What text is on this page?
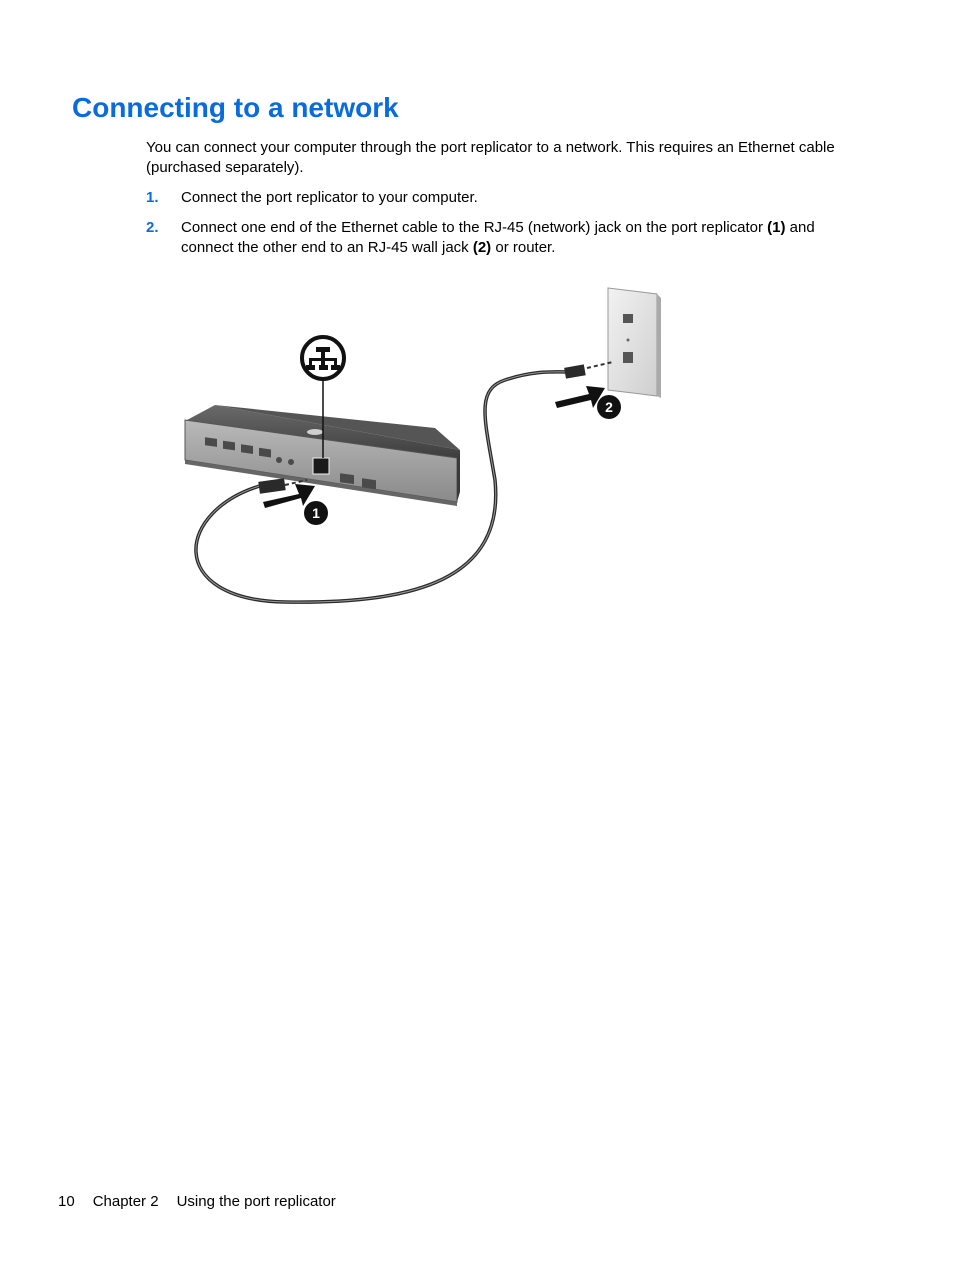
Connecting to a network

You can connect your computer through the port replicator to a network. This requires an Ethernet cable (purchased separately).

1. Connect the port replicator to your computer.
2. Connect one end of the Ethernet cable to the RJ-45 (network) jack on the port replicator (1) and connect the other end to an RJ-45 wall jack (2) or router.
1
2
10 Chapter 2 Using the port replicator
